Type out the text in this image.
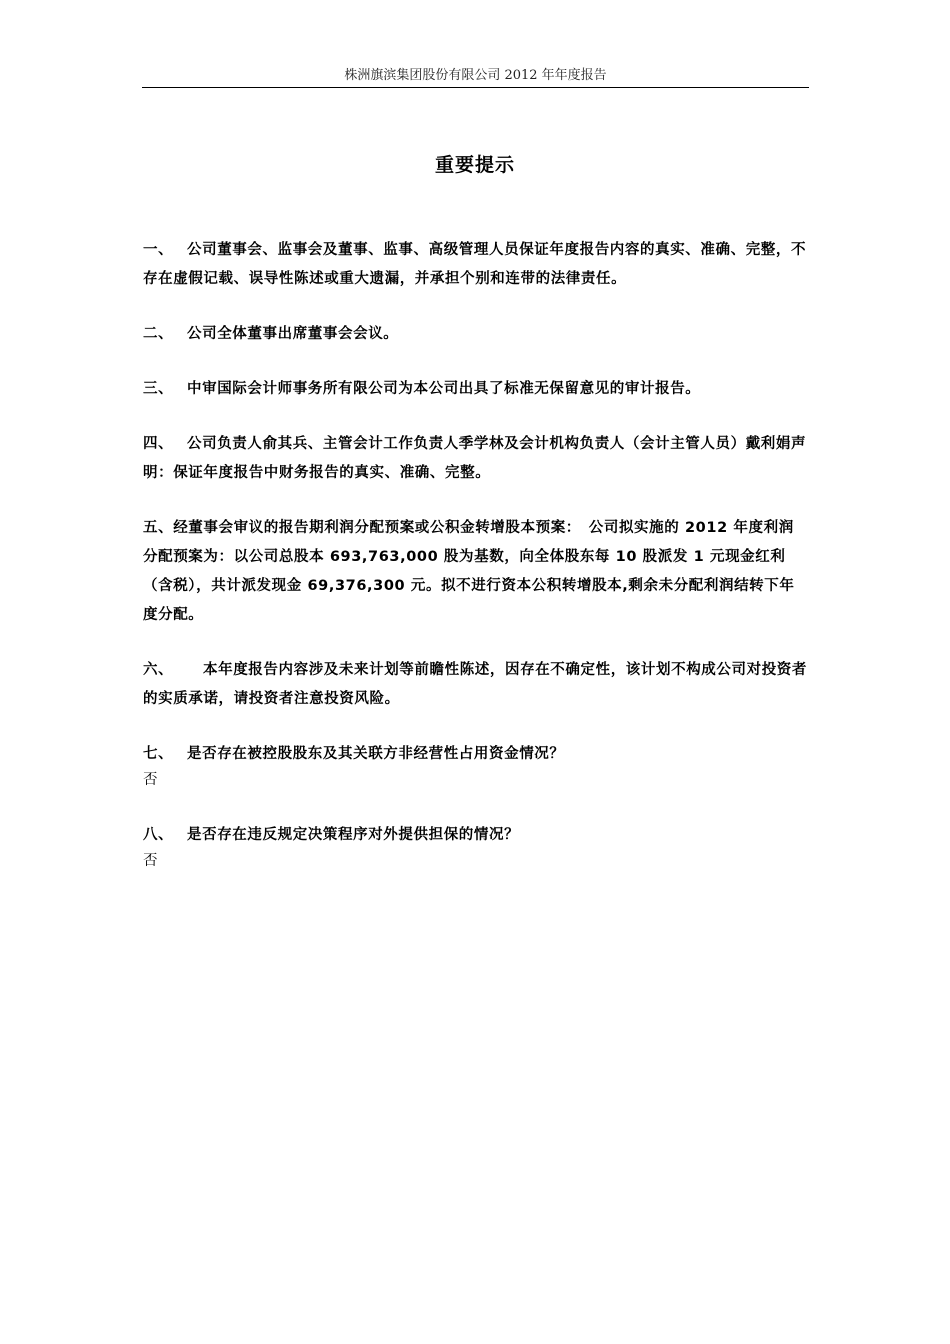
株洲旗滨集团股份有限公司 2012 年年度报告
重要提示

一、 公司董事会、监事会及董事、监事、高级管理人员保证年度报告内容的真实、准确、完整，不存在虚假记载、误导性陈述或重大遗漏，并承担个别和连带的法律责任。

二、 公司全体董事出席董事会会议。

三、 中审国际会计师事务所有限公司为本公司出具了标准无保留意见的审计报告。

四、 公司负责人俞其兵、主管会计工作负责人季学林及会计机构负责人（会计主管人员）戴利娟声明：保证年度报告中财务报告的真实、准确、完整。

五、经董事会审议的报告期利润分配预案或公积金转增股本预案：　公司拟实施的 2012 年度利润分配预案为：以公司总股本 693,763,000 股为基数，向全体股东每 10 股派发 1 元现金红利（含税），共计派发现金 69,376,300 元。拟不进行资本公积转增股本,剩余未分配利润结转下年度分配。

六、 本年度报告内容涉及未来计划等前瞻性陈述，因存在不确定性，该计划不构成公司对投资者的实质承诺，请投资者注意投资风险。

七、 是否存在被控股股东及其关联方非经营性占用资金情况？
否

八、 是否存在违反规定决策程序对外提供担保的情况？
否
